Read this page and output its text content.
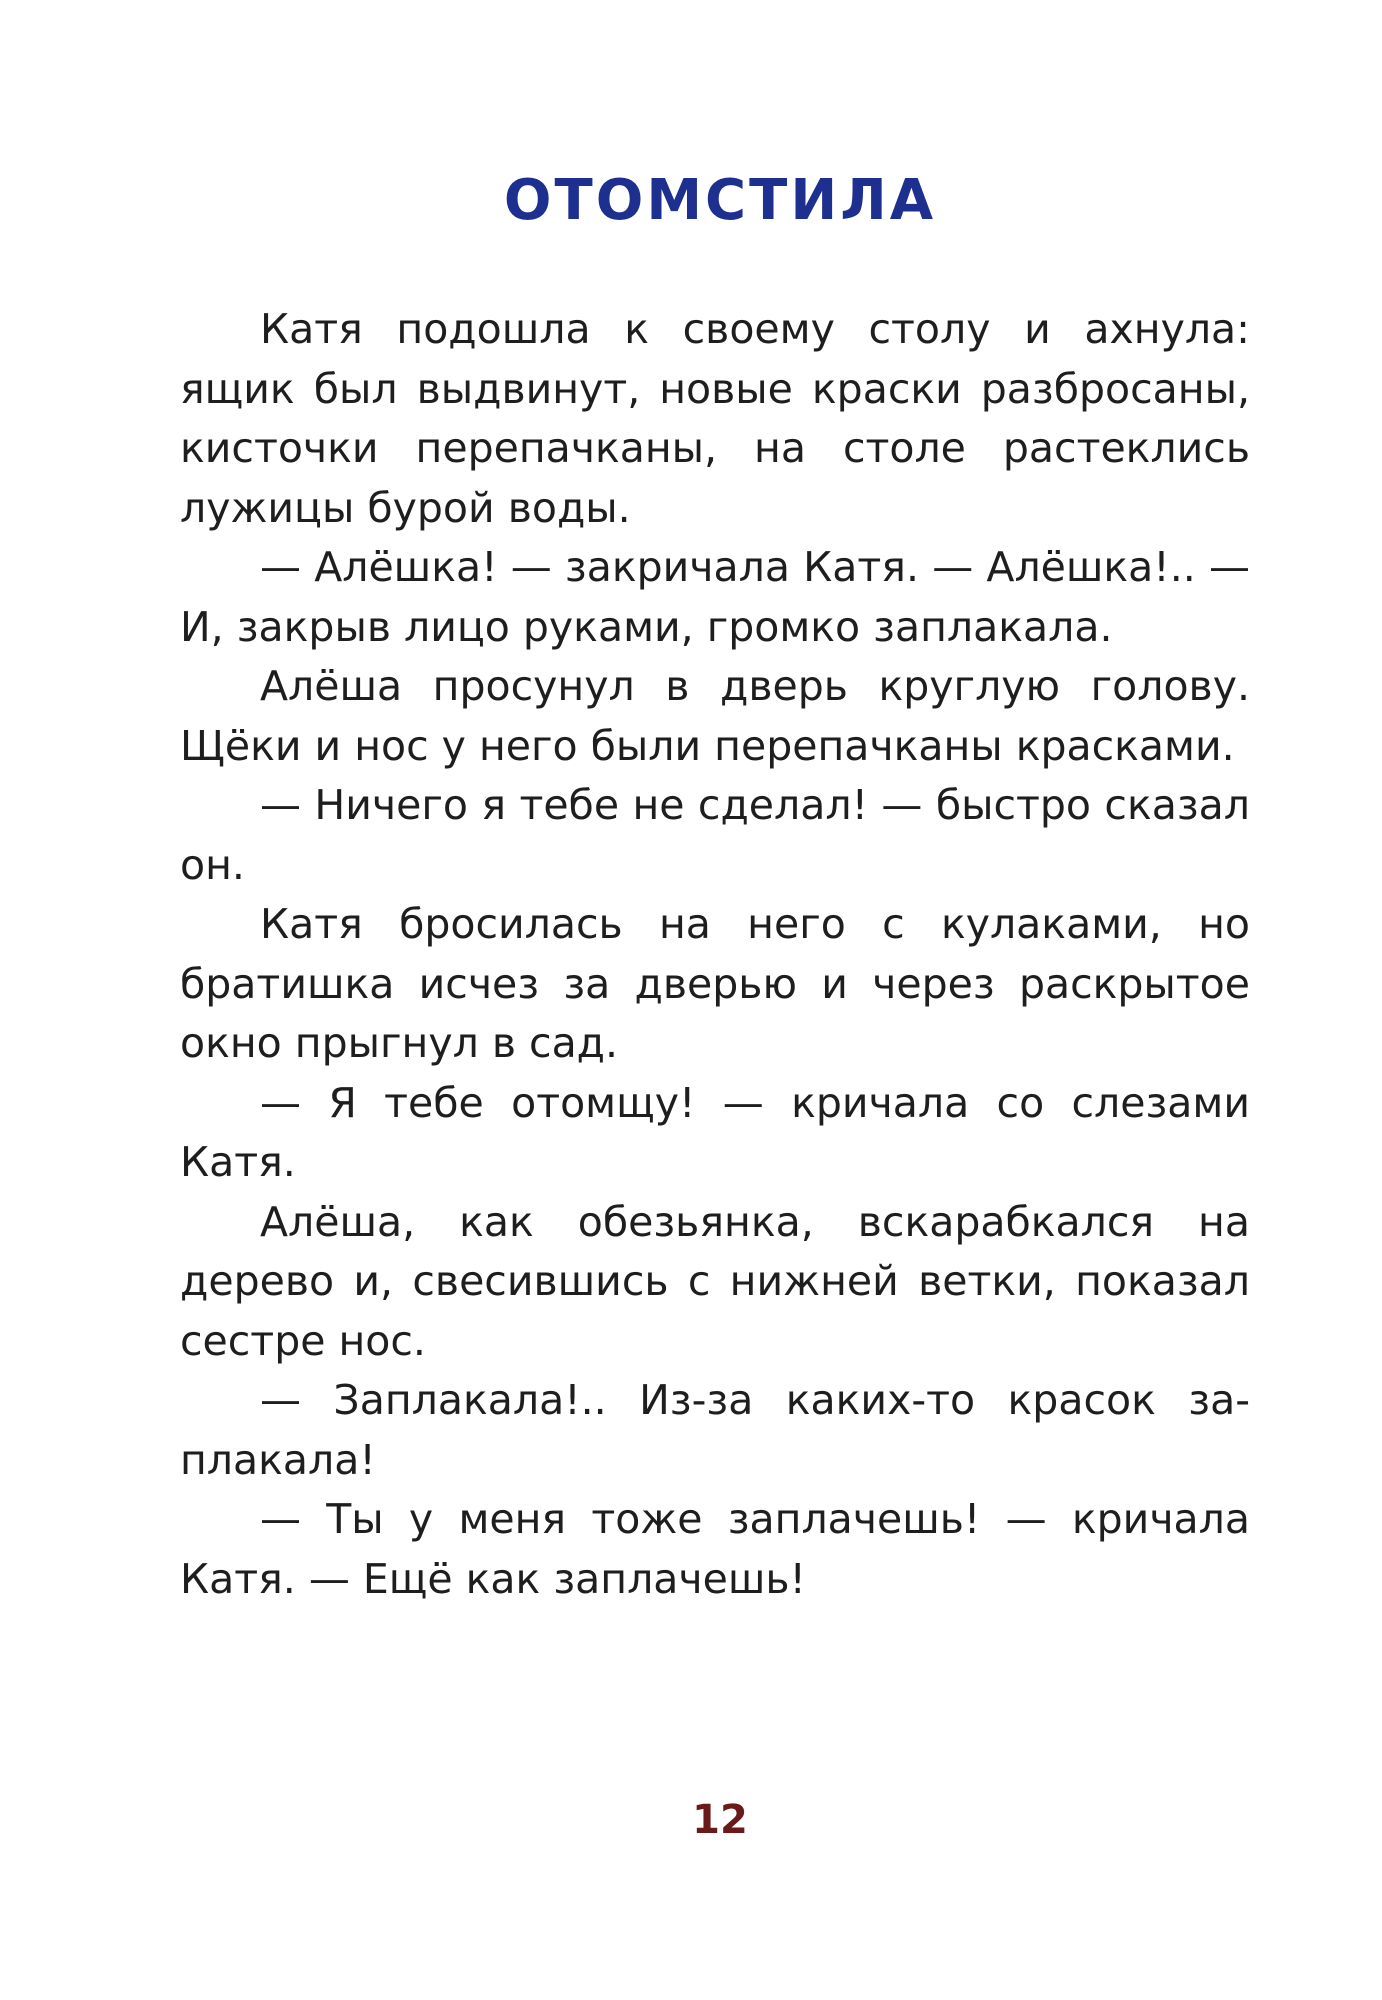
ОТОМСТИЛА

Катя подошла к своему столу и ахнула: ящик был выдвинут, новые краски разбросаны, кисточки перепачканы, на столе растеклись лужицы бурой воды.

— Алёшка! — закричала Катя. — Алёшка!.. — И, закрыв лицо руками, громко заплакала.

Алёша просунул в дверь круглую голову. Щёки и нос у него были перепачканы красками.

— Ничего я тебе не сделал! — быстро сказал он.

Катя бросилась на него с кулаками, но братишка исчез за дверью и через раскрытое окно прыгнул в сад.

— Я тебе отомщу! — кричала со слезами Катя.

Алёша, как обезьянка, вскарабкался на дерево и, свесившись с нижней ветки, показал сестре нос.

— Заплакала!.. Из-за каких-то красок заплакала!

— Ты у меня тоже заплачешь! — кричала Катя. — Ещё как заплачешь!

12
